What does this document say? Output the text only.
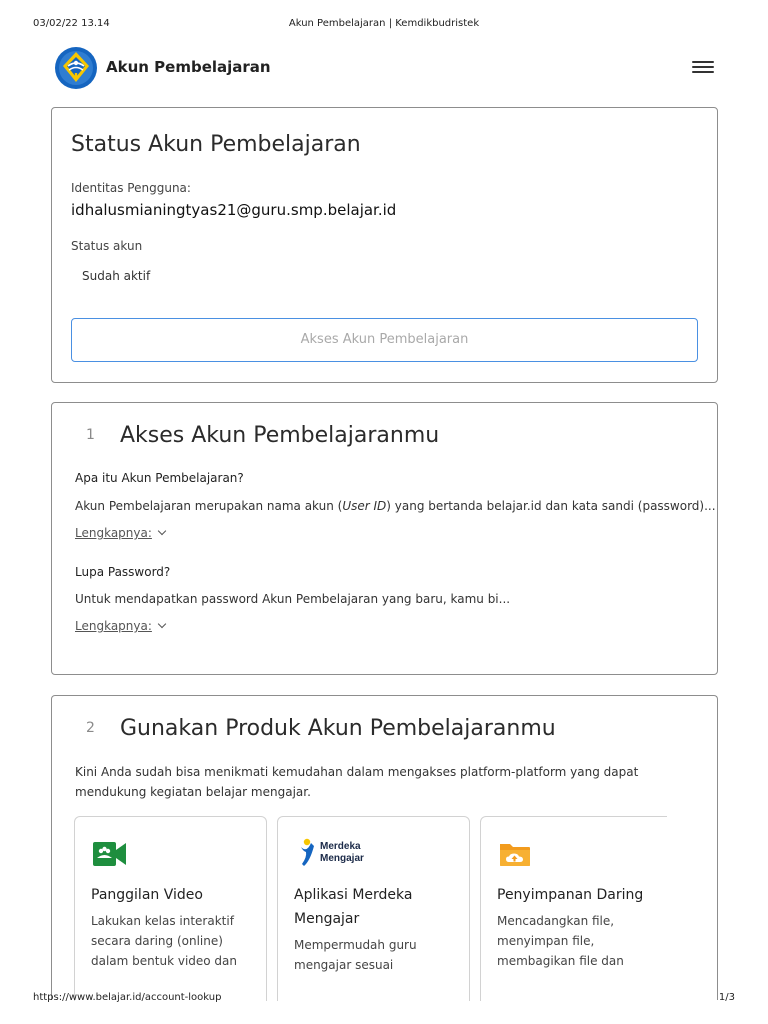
03/02/22 13.14	Akun Pembelajaran | Kemdikbudristek
Akun Pembelajaran
Status Akun Pembelajaran
Identitas Pengguna:
idhalusmianingtyas21@guru.smp.belajar.id
Status akun
Sudah aktif
Akses Akun Pembelajaran
1 Akses Akun Pembelajaranmu
Apa itu Akun Pembelajaran?
Akun Pembelajaran merupakan nama akun (User ID) yang bertanda belajar.id dan kata sandi (password)...
Lengkapnya:
Lupa Password?
Untuk mendapatkan password Akun Pembelajaran yang baru, kamu bi...
Lengkapnya:
2 Gunakan Produk Akun Pembelajaranmu
Kini Anda sudah bisa menikmati kemudahan dalam mengakses platform-platform yang dapat mendukung kegiatan belajar mengajar.
Panggilan Video
Lakukan kelas interaktif secara daring (online) dalam bentuk video dan
Merdeka
Mengajar
Aplikasi Merdeka Mengajar
Mempermudah guru mengajar sesuai
Penyimpanan Daring
Mencadangkan file, menyimpan file, membagikan file dan
https://www.belajar.id/account-lookup	1/3
